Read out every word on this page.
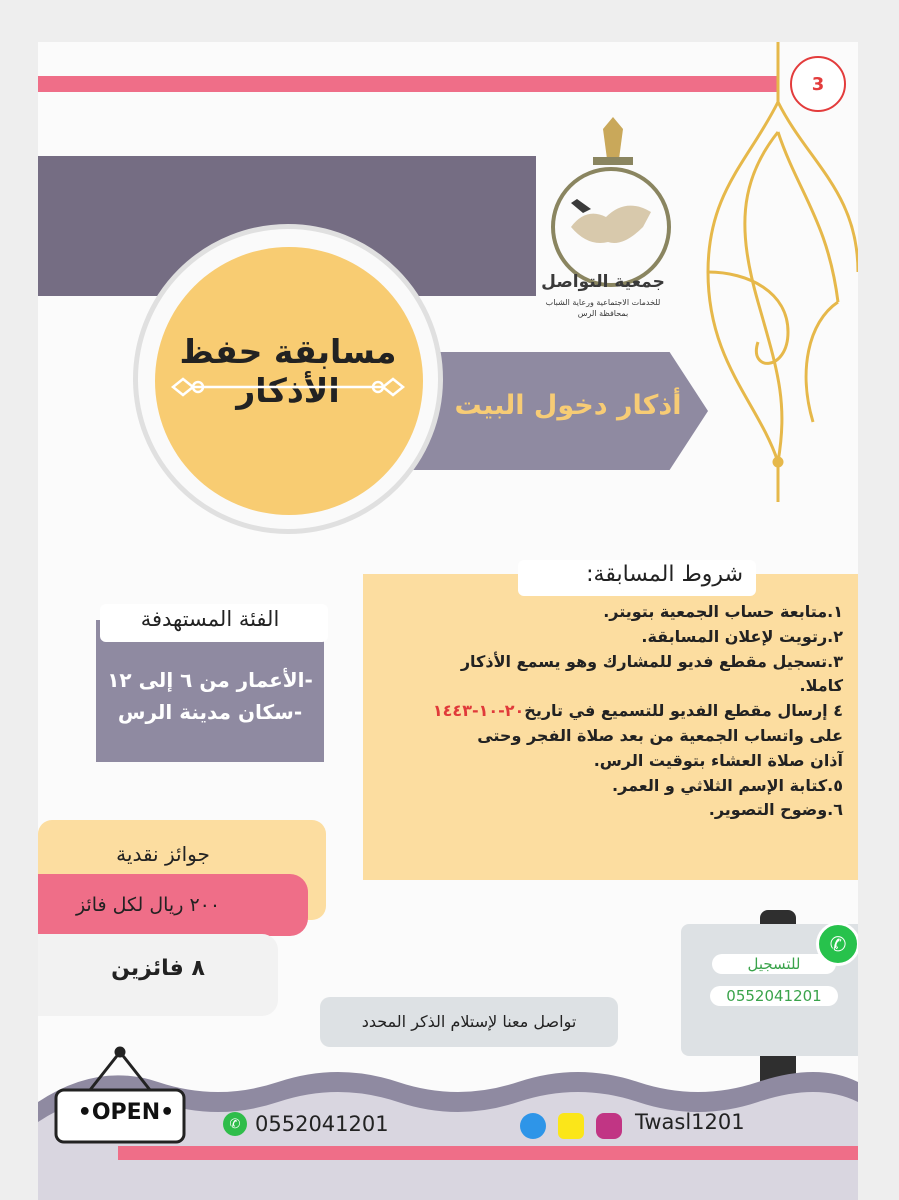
3
أذكار دخول البيت
مسابقة حفظ الأذكار
جمعية التواصل
للخدمات الاجتماعية ورعاية الشباب
بمحافظة الرس
شروط المسابقة:
١.متابعة حساب الجمعية بتويتر.
٢.رتويت لإعلان المسابقة.
٣.تسجيل مقطع فديو للمشارك وهو يسمع الأذكار
كاملا.
٤ إرسال مقطع الفديو للتسميع في تاريخ٢٠-١٠-١٤٤٣
على واتساب الجمعية من بعد صلاة الفجر وحتى
آذان صلاة العشاء بتوقيت الرس.
٥.كتابة الإسم الثلاثي و العمر.
٦.وضوح التصوير.
الفئة المستهدفة
-الأعمار من ٦ إلى ١٢
-سكان مدينة الرس
جوائز نقدية
٢٠٠ ريال لكل فائز
٨ فائزين
تواصل معنا لإستلام الذكر المحدد
للتسجيل
0552041201
✆
•OPEN•	✆ 0552041201	Twasl1201
